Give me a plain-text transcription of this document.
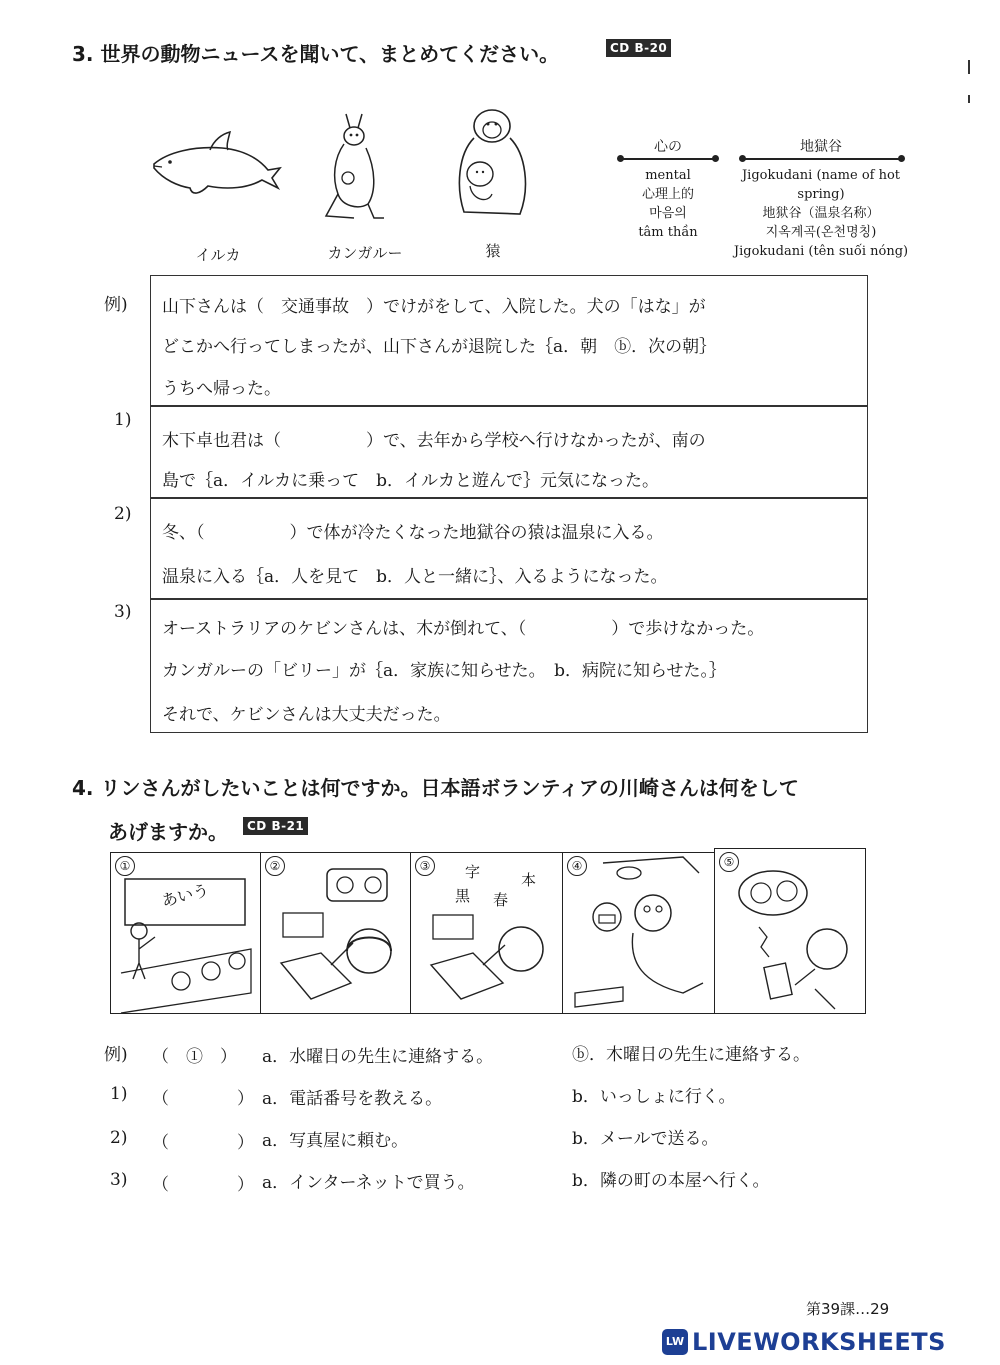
3. 世界の動物ニュースを聞いて、まとめてください。	CD B-20
イルカ	カンガルー	猿
心の
mental
心理上的
마음의
tâm thần
地獄谷
Jigokudani (name of hot spring)
地狱谷（温泉名称）
지옥계곡(온천명칭)
Jigokudani (tên suối nóng)
例) 山下さんは（　交通事故　）でけがをして、入院した。犬の「はな」が
どこかへ行ってしまったが、山下さんが退院した｛a．朝　ⓑ．次の朝｝
うちへ帰った。
1)
木下卓也君は（　　　　　）で、去年から学校へ行けなかったが、南の
島で｛a．イルカに乗って　b．イルカと遊んで｝元気になった。
2)
冬、（　　　　　）で体が冷たくなった地獄谷の猿は温泉に入る。
温泉に入る｛a．人を見て　b．人と一緒に｝、入るようになった。
3)
オーストラリアのケビンさんは、木が倒れて、（　　　　　）で歩けなかった。
カンガルーの「ビリー」が｛a．家族に知らせた。　b．病院に知らせた。｝
それで、ケビンさんは大丈夫だった。
4. リンさんがしたいことは何ですか。日本語ボランティアの川崎さんは何をして
あげますか。	CD B-21
①
あいう
②	③	字	本
黒 春
④	⑤
例) （　①　） a．水曜日の先生に連絡する。	ⓑ．木曜日の先生に連絡する。
1) （　　　　） a．電話番号を教える。	b．いっしょに行く。
2) （　　　　） a．写真屋に頼む。	b．メールで送る。
3) （　　　　） a．インターネットで買う。	b．隣の町の本屋へ行く。
第39課…29
LW LIVEWORKSHEETS
